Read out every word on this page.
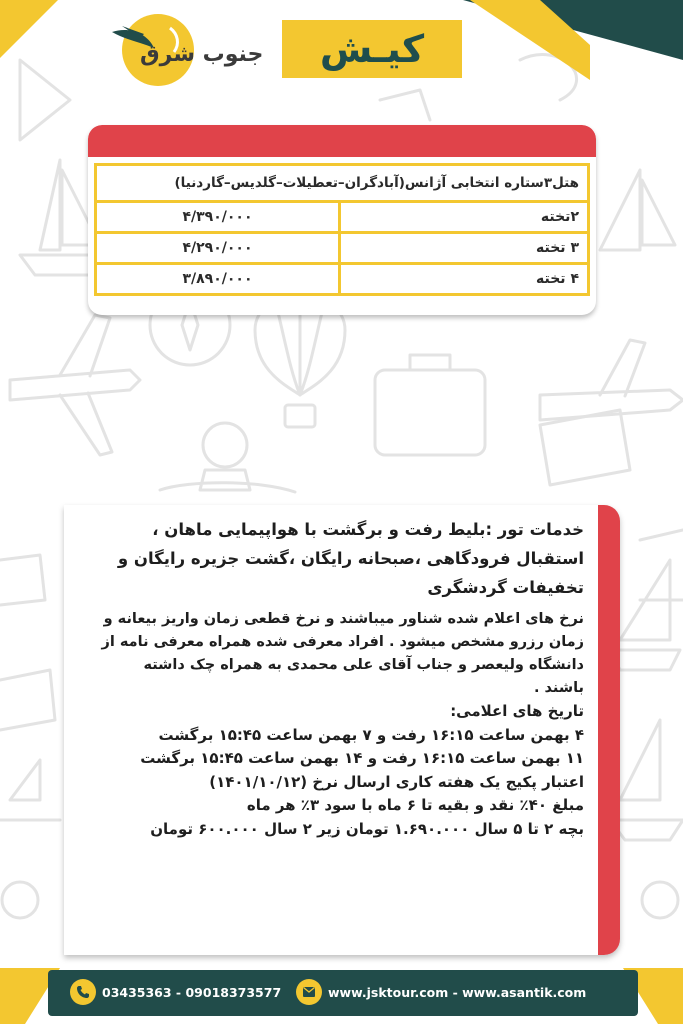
جنوب شرق	کیـش
هتل۳ستاره انتخابی آژانس(آبادگران–تعطیلات–گلدیس–گاردنیا)	
۲تخته	۴/۳۹۰/۰۰۰
۳ تخته	۴/۲۹۰/۰۰۰
۴ تخته	۳/۸۹۰/۰۰۰

خدمات تور :بلیط رفت و برگشت با هواپیمایی ماهان ،

استقبال فرودگاهی ،صبحانه رایگان ،گشت جزیره رایگان و

تخفیفات گردشگری

نرخ های اعلام شده شناور میباشند و نرخ قطعی زمان واریز بیعانه و

زمان رزرو مشخص میشود . افراد معرفی شده همراه معرفی نامه از

دانشگاه ولیعصر و جناب آقای علی محمدی به همراه چک داشته

باشند .

تاریخ های اعلامی:

۴ بهمن ساعت ۱۶:۱۵ رفت و ۷ بهمن ساعت ۱۵:۴۵ برگشت

۱۱ بهمن ساعت ۱۶:۱۵ رفت و ۱۴ بهمن ساعت ۱۵:۴۵ برگشت

اعتبار پکیج یک هفته کاری ارسال نرخ (۱۴۰۱/۱۰/۱۲)

مبلغ ۴۰٪ نقد و بقیه تا ۶ ماه با سود ۳٪ هر ماه

بچه ۲ تا ۵ سال ۱.۶۹۰.۰۰۰ تومان زیر ۲ سال ۶۰۰.۰۰۰ تومان

03435363 - 09018373577	www.jsktour.com - www.asantik.com
